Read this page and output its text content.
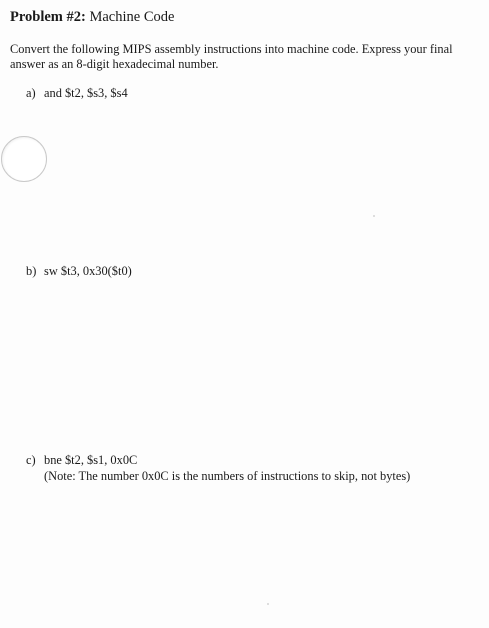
Problem #2: Machine Code
Convert the following MIPS assembly instructions into machine code. Express your final
answer as an 8-digit hexadecimal number.
a) and $t2, $s3, $s4
b) sw $t3, 0x30($t0)
c) bne $t2, $s1, 0x0C
(Note: The number 0x0C is the numbers of instructions to skip, not bytes)
